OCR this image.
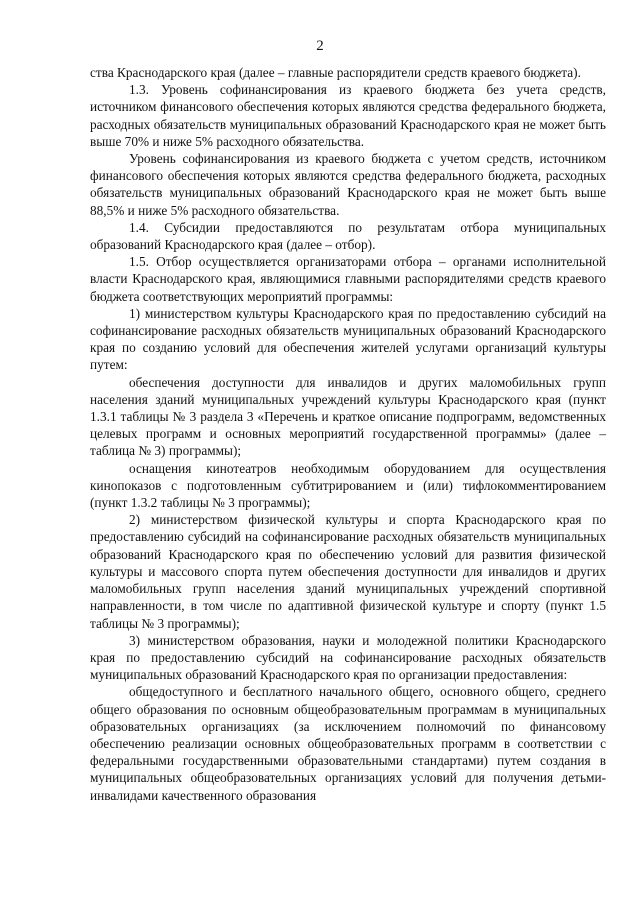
2

ства Краснодарского края (далее – главные распорядители средств краевого бюджета).

1.3. Уровень софинансирования из краевого бюджета без учета средств, источником финансового обеспечения которых являются средства федерального бюджета, расходных обязательств муниципальных образований Краснодарского края не может быть выше 70% и ниже 5% расходного обязательства.

Уровень софинансирования из краевого бюджета с учетом средств, источником финансового обеспечения которых являются средства федерального бюджета, расходных обязательств муниципальных образований Краснодарского края не может быть выше 88,5% и ниже 5% расходного обязательства.

1.4. Субсидии предоставляются по результатам отбора муниципальных образований Краснодарского края (далее – отбор).

1.5. Отбор осуществляется организаторами отбора – органами исполнительной власти Краснодарского края, являющимися главными распорядителями средств краевого бюджета соответствующих мероприятий программы:

1) министерством культуры Краснодарского края по предоставлению субсидий на софинансирование расходных обязательств муниципальных образований Краснодарского края по созданию условий для обеспечения жителей услугами организаций культуры путем:

обеспечения доступности для инвалидов и других маломобильных групп населения зданий муниципальных учреждений культуры Краснодарского края (пункт 1.3.1 таблицы № 3 раздела 3 «Перечень и краткое описание подпрограмм, ведомственных целевых программ и основных мероприятий государственной программы» (далее – таблица № 3) программы);

оснащения кинотеатров необходимым оборудованием для осуществления кинопоказов с подготовленным субтитрированием и (или) тифлокомментированием (пункт 1.3.2 таблицы № 3 программы);

2) министерством физической культуры и спорта Краснодарского края по предоставлению субсидий на софинансирование расходных обязательств муниципальных образований Краснодарского края по обеспечению условий для развития физической культуры и массового спорта путем обеспечения доступности для инвалидов и других маломобильных групп населения зданий муниципальных учреждений спортивной направленности, в том числе по адаптивной физической культуре и спорту (пункт 1.5 таблицы № 3 программы);

3) министерством образования, науки и молодежной политики Краснодарского края по предоставлению субсидий на софинансирование расходных обязательств муниципальных образований Краснодарского края по организации предоставления:

общедоступного и бесплатного начального общего, основного общего, среднего общего образования по основным общеобразовательным программам в муниципальных образовательных организациях (за исключением полномочий по финансовому обеспечению реализации основных общеобразовательных программ в соответствии с федеральными государственными образовательными стандартами) путем создания в муниципальных общеобразовательных организациях условий для получения детьми-инвалидами качественного образования
